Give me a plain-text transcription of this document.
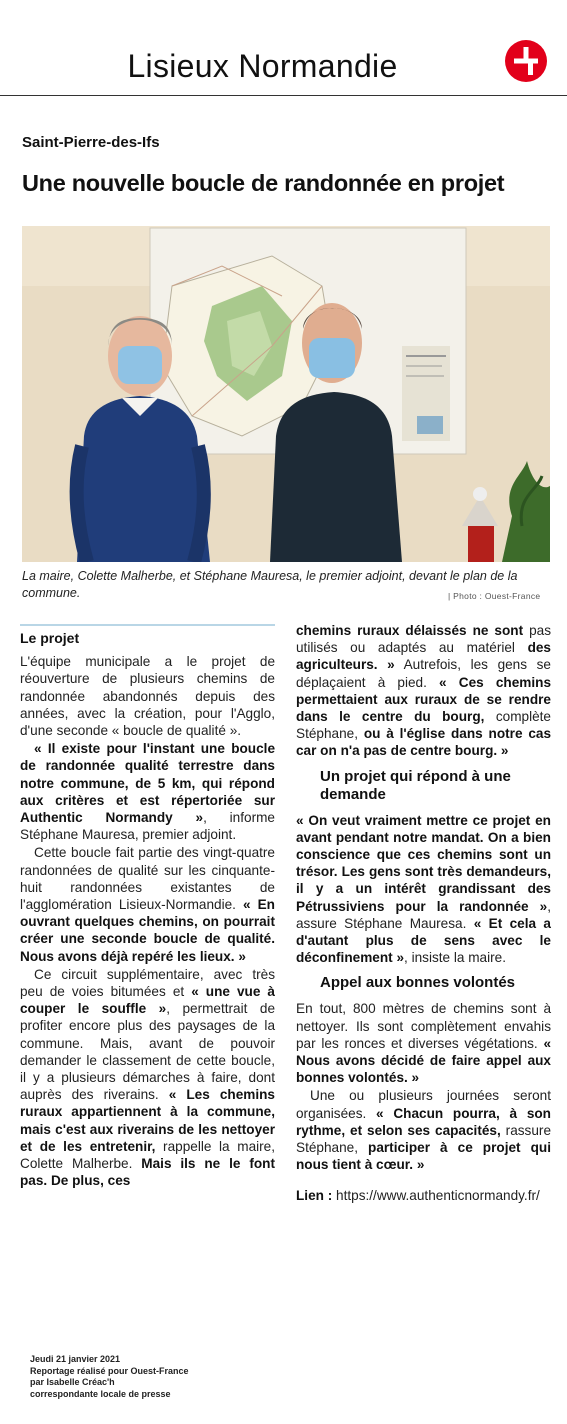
Lisieux Normandie
Saint-Pierre-des-Ifs
Une nouvelle boucle de randonnée en projet
La maire, Colette Malherbe, et Stéphane Mauresa, le premier adjoint, devant le plan de la commune.	| Photo : Ouest-France
Le projet

L'équipe municipale a le projet de réouverture de plusieurs chemins de randonnée abandonnés depuis des années, avec la création, pour l'Agglo, d'une seconde « boucle de qualité ».

« Il existe pour l'instant une boucle de randonnée qualité terrestre dans notre commune, de 5 km, qui répond aux critères et est répertoriée sur Authentic Normandy », informe Stéphane Mauresa, premier adjoint.

Cette boucle fait partie des vingt-quatre randonnées de qualité sur les cinquante-huit randonnées existantes de l'agglomération Lisieux-Normandie. « En ouvrant quelques chemins, on pourrait créer une seconde boucle de qualité. Nous avons déjà repéré les lieux. »

Ce circuit supplémentaire, avec très peu de voies bitumées et « une vue à couper le souffle », permettrait de profiter encore plus des paysages de la commune. Mais, avant de pouvoir demander le classement de cette boucle, il y a plusieurs démarches à faire, dont auprès des riverains. « Les chemins ruraux appartiennent à la commune, mais c'est aux riverains de les nettoyer et de les entretenir, rappelle la maire, Colette Malherbe. Mais ils ne le font pas. De plus, ces

chemins ruraux délaissés ne sont pas utilisés ou adaptés au matériel des agriculteurs. » Autrefois, les gens se déplaçaient à pied. « Ces chemins permettaient aux ruraux de se rendre dans le centre du bourg, complète Stéphane, ou à l'église dans notre cas car on n'a pas de centre bourg. »

Un projet qui répond à une demande

« On veut vraiment mettre ce projet en avant pendant notre mandat. On a bien conscience que ces chemins sont un trésor. Les gens sont très demandeurs, il y a un intérêt grandissant des Pétrussiviens pour la randonnée », assure Stéphane Mauresa. « Et cela a d'autant plus de sens avec le déconfinement », insiste la maire.

Appel aux bonnes volontés

En tout, 800 mètres de chemins sont à nettoyer. Ils sont complètement envahis par les ronces et diverses végétations. « Nous avons décidé de faire appel aux bonnes volontés. »

Une ou plusieurs journées seront organisées. « Chacun pourra, à son rythme, et selon ses capacités, rassure Stéphane, participer à ce projet qui nous tient à cœur. »

Lien : https://www.authenticnormandy.fr/

Jeudi 21 janvier 2021
Reportage réalisé pour Ouest-France
par Isabelle Créac'h
correspondante locale de presse
